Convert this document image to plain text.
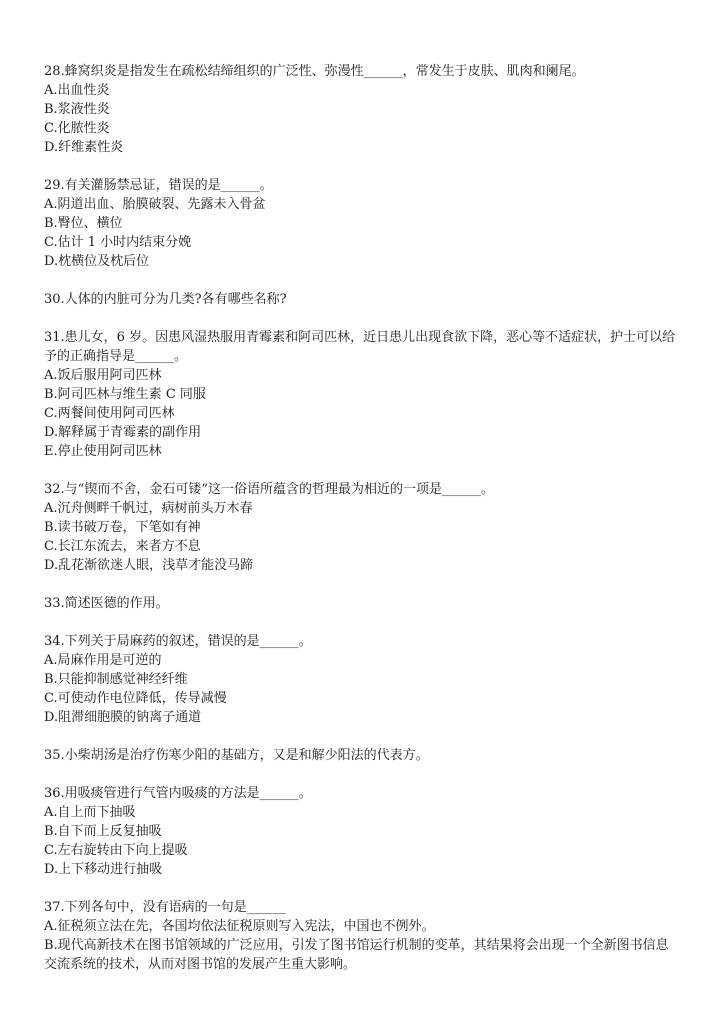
28.蜂窝织炎是指发生在疏松结缔组织的广泛性、弥漫性______，常发生于皮肤、肌肉和阑尾。

A.出血性炎
B.浆液性炎
C.化脓性炎
D.纤维素性炎

29.有关灌肠禁忌证，错误的是______。

A.阴道出血、胎膜破裂、先露未入骨盆
B.臀位、横位
C.估计 1 小时内结束分娩
D.枕横位及枕后位

30.人体的内脏可分为几类?各有哪些名称?

31.患儿女，6 岁。因患风湿热服用青霉素和阿司匹林，近日患儿出现食欲下降，恶心等不适症状，护士可以给予的正确指导是______。

A.饭后服用阿司匹林
B.阿司匹林与维生素 C 同服
C.两餐间使用阿司匹林
D.解释属于青霉素的副作用
E.停止使用阿司匹林

32.与“锲而不舍，金石可镂”这一俗语所蕴含的哲理最为相近的一项是______。

A.沉舟侧畔千帆过，病树前头万木春
B.读书破万卷，下笔如有神
C.长江东流去，来者方不息
D.乱花渐欲迷人眼，浅草才能没马蹄

33.简述医德的作用。

34.下列关于局麻药的叙述，错误的是______。

A.局麻作用是可逆的
B.只能抑制感觉神经纤维
C.可使动作电位降低，传导减慢
D.阻滞细胞膜的钠离子通道

35.小柴胡汤是治疗伤寒少阳的基础方，又是和解少阳法的代表方。

36.用吸痰管进行气管内吸痰的方法是______。

A.自上而下抽吸
B.自下而上反复抽吸
C.左右旋转由下向上提吸
D.上下移动进行抽吸

37.下列各句中，没有语病的一句是______

A.征税须立法在先，各国均依法征税原则写入宪法，中国也不例外。
B.现代高新技术在图书馆领域的广泛应用，引发了图书馆运行机制的变革，其结果将会出现一个全新图书信息交流系统的技术，从而对图书馆的发展产生重大影响。
